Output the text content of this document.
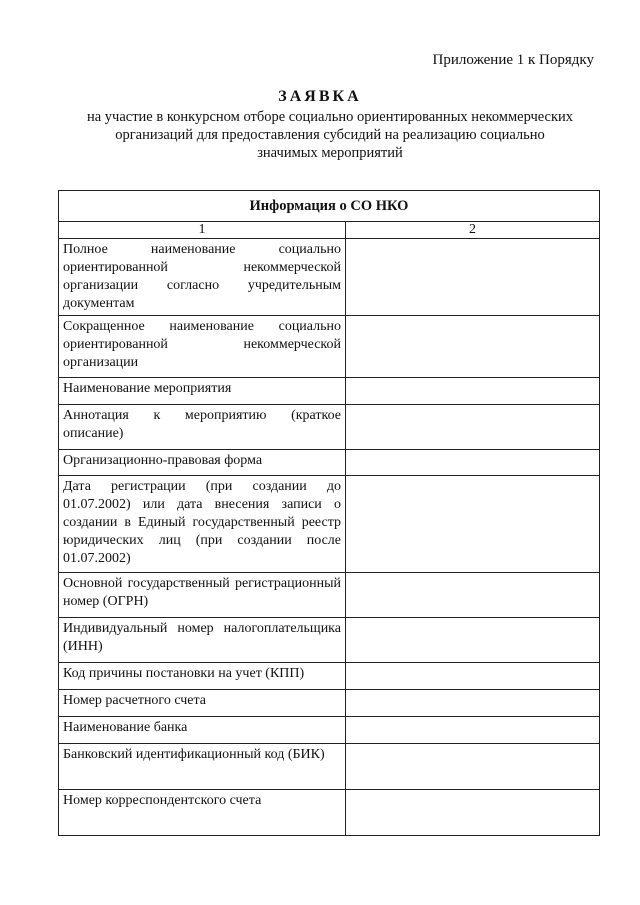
Приложение 1 к Порядку
ЗАЯВКА
на участие в конкурсном отборе социально ориентированных некоммерческих
организаций для предоставления субсидий на реализацию социально
значимых мероприятий
Информация о СО НКО	
1	2
Полное наименование социально ориентированной некоммерческой организации согласно учредительным документам	
Сокращенное наименование социально ориентированной некоммерческой организации	
Наименование мероприятия	
Аннотация к мероприятию (краткое описание)	
Организационно-правовая форма	
Дата регистрации (при создании до 01.07.2002) или дата внесения записи о создании в Единый государственный реестр юридических лиц (при создании после 01.07.2002)	
Основной государственный регистрационный номер (ОГРН)	
Индивидуальный номер налогоплательщика (ИНН)	
Код причины постановки на учет (КПП)	
Номер расчетного счета	
Наименование банка	
Банковский идентификационный код (БИК)	
Номер корреспондентского счета	
